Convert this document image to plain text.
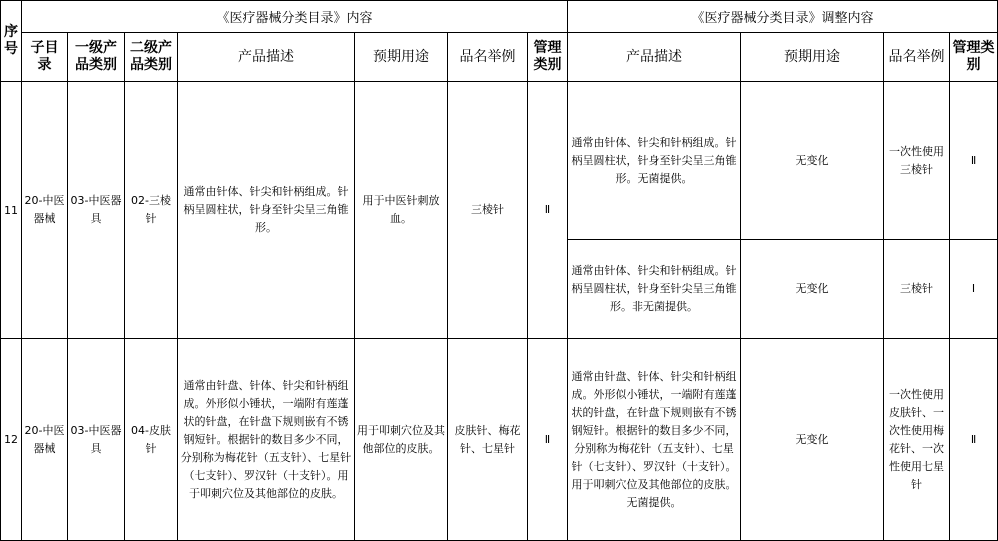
序号	《医疗器械分类目录》内容							《医疗器械分类目录》调整内容			
	子目录	一级产品类别	二级产品类别	产品描述	预期用途	品名举例	管理类别	产品描述	预期用途	品名举例	管理类别
11	20-中医器械	03-中医器具	02-三棱针	通常由针体、针尖和针柄组成。针柄呈圆柱状，针身至针尖呈三角锥形。	用于中医针刺放血。	三棱针	Ⅱ	通常由针体、针尖和针柄组成。针柄呈圆柱状，针身至针尖呈三角锥形。无菌提供。	无变化	一次性使用三棱针	Ⅱ
								通常由针体、针尖和针柄组成。针柄呈圆柱状，针身至针尖呈三角锥形。非无菌提供。	无变化	三棱针	Ⅰ
12	20-中医器械	03-中医器具	04-皮肤针	通常由针盘、针体、针尖和针柄组成。外形似小锤状，一端附有莲蓬状的针盘，在针盘下规则嵌有不锈钢短针。根据针的数目多少不同，分别称为梅花针（五支针）、七星针（七支针）、罗汉针（十支针）。用于叩刺穴位及其他部位的皮肤。	用于叩刺穴位及其他部位的皮肤。	皮肤针、梅花针、七星针	Ⅱ	通常由针盘、针体、针尖和针柄组成。外形似小锤状，一端附有莲蓬状的针盘，在针盘下规则嵌有不锈钢短针。根据针的数目多少不同，分别称为梅花针（五支针）、七星针（七支针）、罗汉针（十支针）。用于叩刺穴位及其他部位的皮肤。无菌提供。	无变化	一次性使用皮肤针、一次性使用梅花针、一次性使用七星针	Ⅱ
